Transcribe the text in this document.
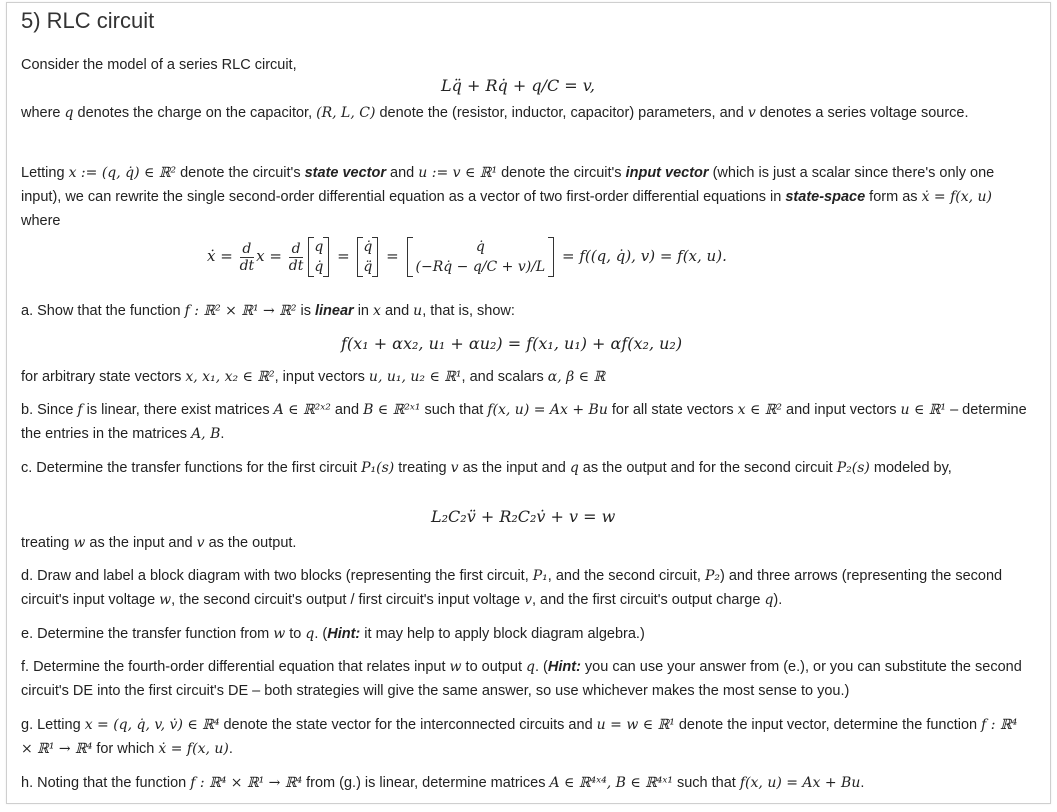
5) RLC circuit

Consider the model of a series RLC circuit,

Lq̈ + Rq̇ + q/C = v,

where q denotes the charge on the capacitor, (R, L, C) denote the (resistor, inductor, capacitor) parameters, and v denotes a series voltage source.

Letting x := (q, q̇) ∈ ℝ² denote the circuit's state vector and u := v ∈ ℝ¹ denote the circuit's input vector (which is just a scalar since there's only one input), we can rewrite the single second-order differential equation as a vector of two first-order differential equations in state-space form as ẋ = f(x, u) where

ẋ = $\frac{d}{dt}$ $x = \frac{d}{dt}$ q
q̇
= q̇
q̈
=	q̇
(−Rq̇ − q/C + v)/L
= f((q, q̇), v) = f(x, u).

a. Show that the function f : ℝ² × ℝ¹ → ℝ² is linear in x and u, that is, show:

f(x₁ + αx₂, u₁ + αu₂) = f(x₁, u₁) + αf(x₂, u₂)

for arbitrary state vectors x, x₁, x₂ ∈ ℝ², input vectors u, u₁, u₂ ∈ ℝ¹, and scalars α, β ∈ ℝ

b. Since f is linear, there exist matrices A ∈ ℝ²ˣ² and B ∈ ℝ²ˣ¹ such that f(x, u) = Ax + Bu for all state vectors x ∈ ℝ² and input vectors u ∈ ℝ¹ – determine the entries in the matrices A, B.

c. Determine the transfer functions for the first circuit P₁(s) treating v as the input and q as the output and for the second circuit P₂(s) modeled by,

L₂C₂v̈ + R₂C₂v̇ + v = w

treating w as the input and v as the output.

d. Draw and label a block diagram with two blocks (representing the first circuit, P₁, and the second circuit, P₂) and three arrows (representing the second circuit's input voltage w, the second circuit's output / first circuit's input voltage v, and the first circuit's output charge q).

e. Determine the transfer function from w to q. (Hint: it may help to apply block diagram algebra.)

f. Determine the fourth-order differential equation that relates input w to output q. (Hint: you can use your answer from (e.), or you can substitute the second circuit's DE into the first circuit's DE – both strategies will give the same answer, so use whichever makes the most sense to you.)

g. Letting x = (q, q̇, v, v̇) ∈ ℝ⁴ denote the state vector for the interconnected circuits and u = w ∈ ℝ¹ denote the input vector, determine the function f : ℝ⁴ × ℝ¹ → ℝ⁴ for which ẋ = f(x, u).

h. Noting that the function f : ℝ⁴ × ℝ¹ → ℝ⁴ from (g.) is linear, determine matrices A ∈ ℝ⁴ˣ⁴, B ∈ ℝ⁴ˣ¹ such that f(x, u) = Ax + Bu.
